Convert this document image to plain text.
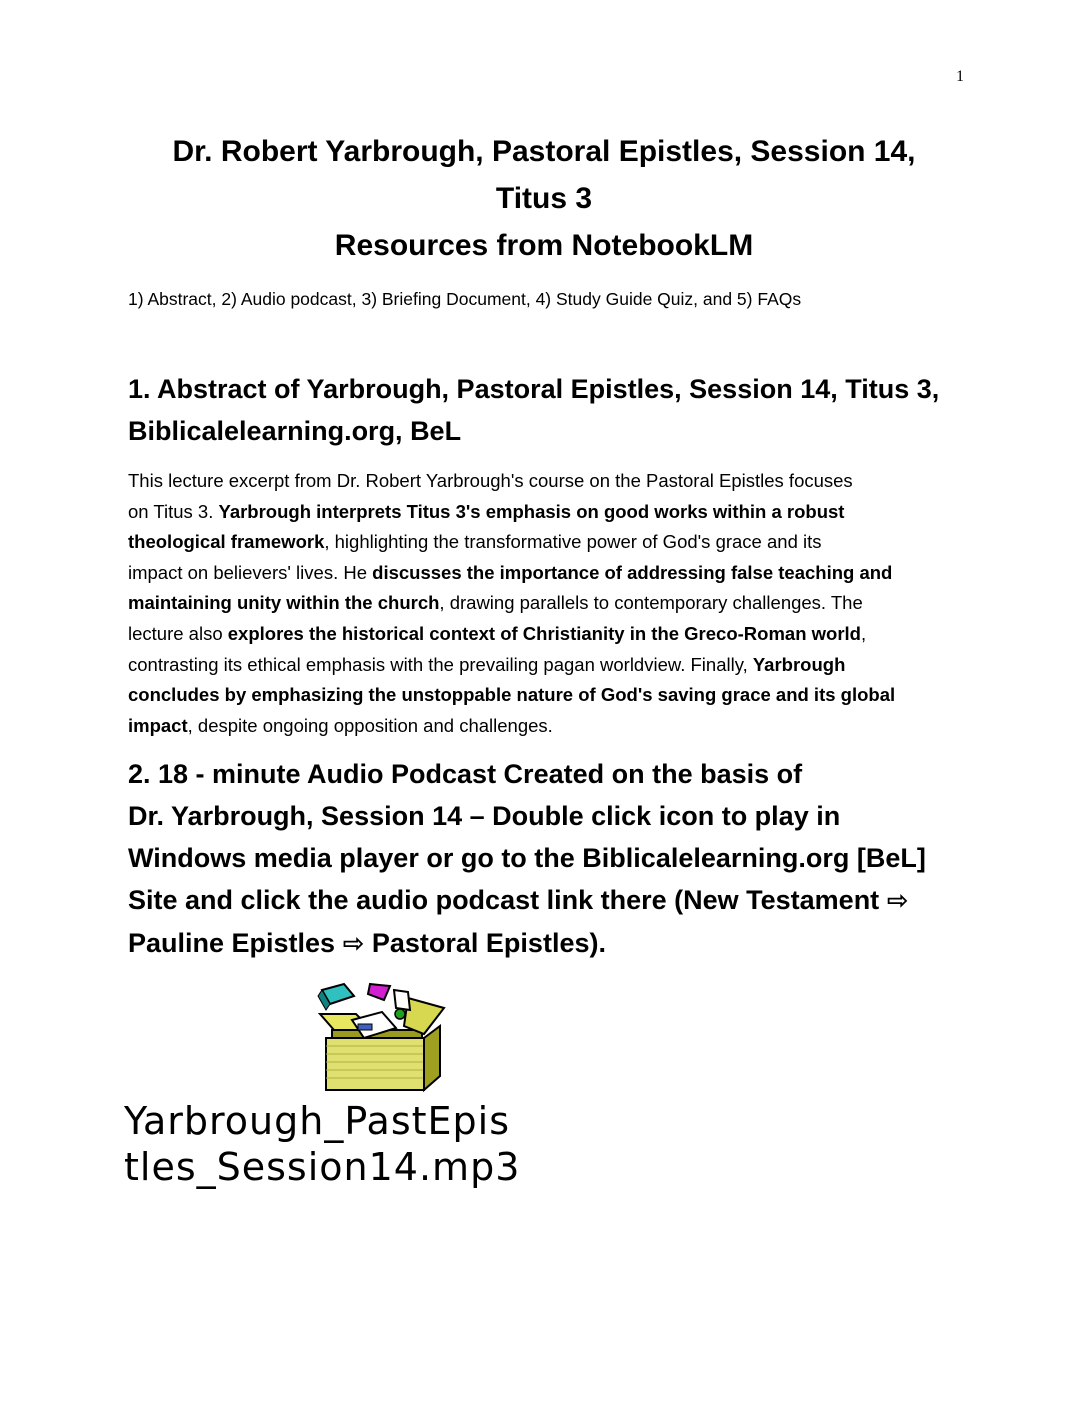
1
Dr. Robert Yarbrough, Pastoral Epistles, Session 14,
Titus 3
Resources from NotebookLM
1) Abstract, 2) Audio podcast, 3) Briefing Document, 4) Study Guide Quiz, and 5) FAQs
1. Abstract of Yarbrough, Pastoral Epistles, Session 14, Titus 3,
Biblicalelearning.org, BeL
This lecture excerpt from Dr. Robert Yarbrough's course on the Pastoral Epistles focuses
on Titus 3. Yarbrough interprets Titus 3's emphasis on good works within a robust
theological framework, highlighting the transformative power of God's grace and its
impact on believers' lives. He discusses the importance of addressing false teaching and
maintaining unity within the church, drawing parallels to contemporary challenges. The
lecture also explores the historical context of Christianity in the Greco-Roman world,
contrasting its ethical emphasis with the prevailing pagan worldview. Finally, Yarbrough
concludes by emphasizing the unstoppable nature of God's saving grace and its global
impact, despite ongoing opposition and challenges.
2. 18 - minute Audio Podcast Created on the basis of
Dr. Yarbrough, Session 14 – Double click icon to play in
Windows media player or go to the Biblicalelearning.org [BeL]
Site and click the audio podcast link there (New Testament ⇨
Pauline Epistles ⇨ Pastoral Epistles).
Yarbrough_PastEpis
tles_Session14.mp3
